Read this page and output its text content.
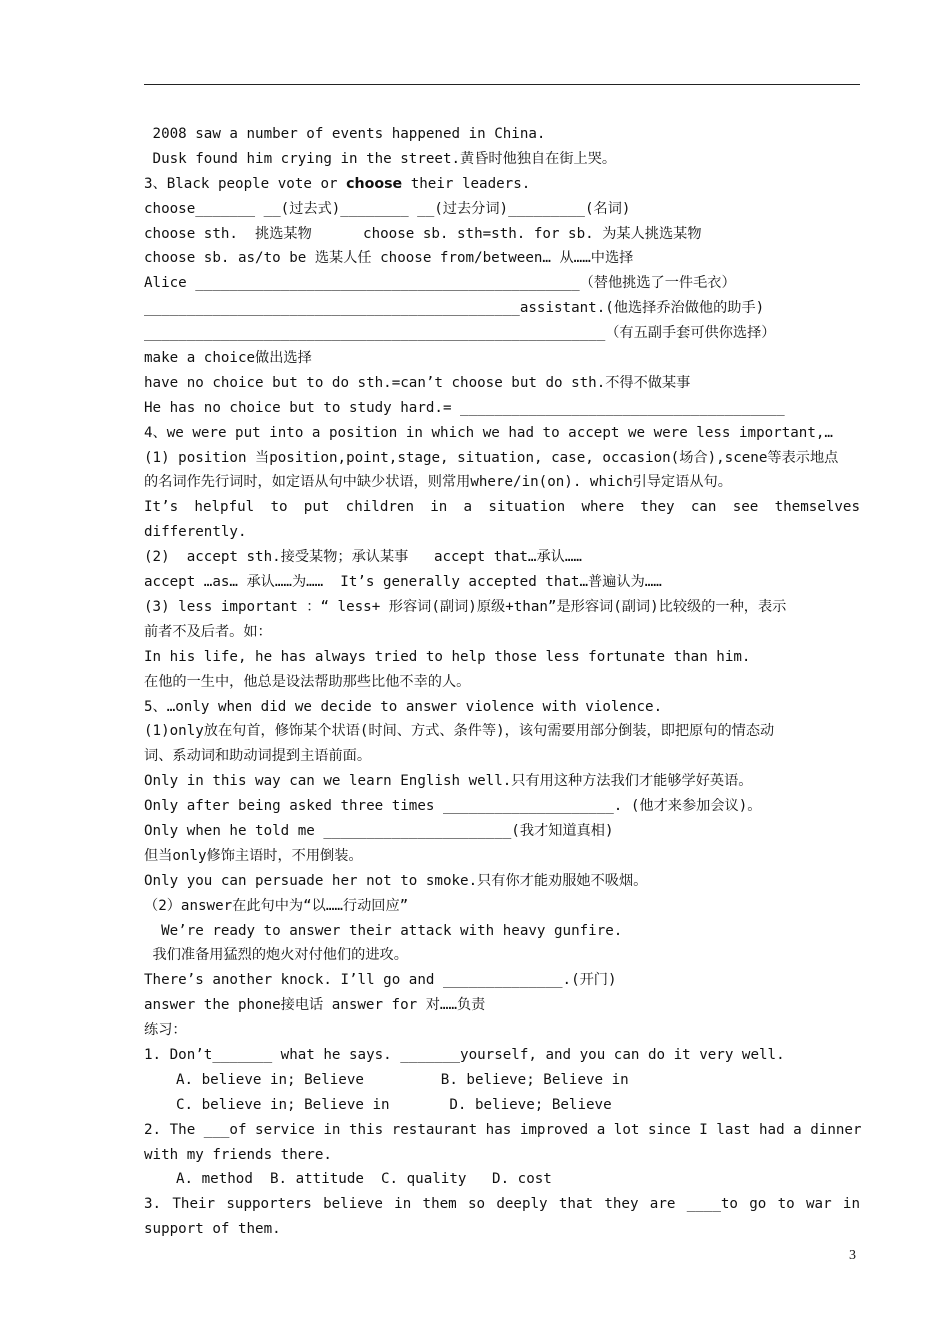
2008 saw a number of events happened in China.
Dusk found him crying in the street.黄昏时他独自在街上哭。
3、Black people vote or choose their leaders.
choose_______ __(过去式)________ __(过去分词)_________(名词)
choose sth.  挑选某物      choose sb. sth=sth. for sb. 为某人挑选某物
choose sb. as/to be 选某人任 choose from/between… 从……中选择
Alice _____________________________________________（替他挑选了一件毛衣）
____________________________________________assistant.(他选择乔治做他的助手)
______________________________________________________（有五副手套可供你选择）
make a choice做出选择
have no choice but to do sth.=can’t choose but do sth.不得不做某事
He has no choice but to study hard.= ______________________________________
4、we were put into a position in which we had to accept we were less important,…
(1) position 当position,point,stage, situation, case, occasion(场合),scene等表示地点
的名词作先行词时，如定语从句中缺少状语，则常用where/in(on). which引导定语从句。
It’s helpful to put children in a situation where they can see themselves
differently.
(2)  accept sth.接受某物；承认某事   accept that…承认……
accept …as… 承认……为……  It’s generally accepted that…普遍认为……
(3) less important ：“ less+ 形容词(副词)原级+than”是形容词(副词)比较级的一种，表示
前者不及后者。如：
In his life, he has always tried to help those less fortunate than him.
在他的一生中，他总是设法帮助那些比他不幸的人。
5、…only when did we decide to answer violence with violence.
(1)only放在句首，修饰某个状语(时间、方式、条件等)，该句需要用部分倒装，即把原句的情态动
词、系动词和助动词提到主语前面。
Only in this way can we learn English well.只有用这种方法我们才能够学好英语。
Only after being asked three times ____________________. (他才来参加会议)。
Only when he told me ______________________(我才知道真相)
但当only修饰主语时，不用倒装。
Only you can persuade her not to smoke.只有你才能劝服她不吸烟。
（2）answer在此句中为“以……行动回应”
We’re ready to answer their attack with heavy gunfire.
我们准备用猛烈的炮火对付他们的进攻。
There’s another knock. I’ll go and ______________.(开门)
answer the phone接电话 answer for 对……负责
练习：
1. Don’t_______ what he says. _______yourself, and you can do it very well.
A. believe in; Believe         B. believe; Believe in
C. believe in; Believe in       D. believe; Believe
2. The ___of service in this restaurant has improved a lot since I last had a dinner
with my friends there.
A. method  B. attitude  C. quality   D. cost
3. Their supporters believe in them so deeply that they are ____to go to war in
support of them.
3
